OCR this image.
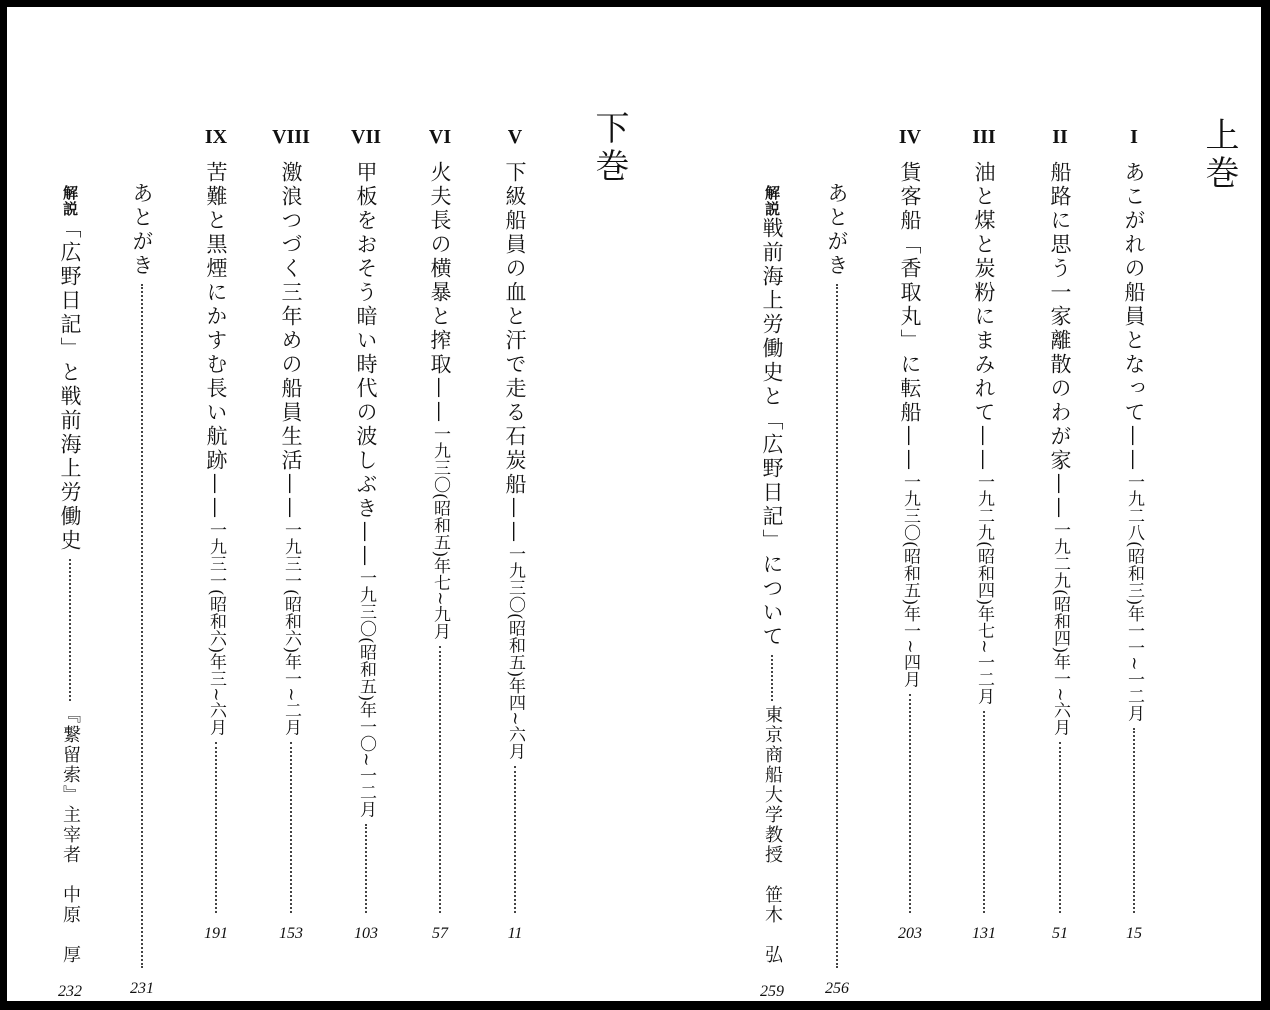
上巻
I
あこがれの船員となって——
一九二八(昭和三)年一一~一二月
15
II
船路に思う一家離散のわが家——
一九二九(昭和四)年一~六月
51
III
油と煤と炭粉にまみれて——
一九二九(昭和四)年七~一二月
131
IV
貨客船「香取丸」に転船——
一九三〇(昭和五)年一~四月
203
あとがき
256
解説
戦前海上労働史と「広野日記」について
東京商船大学教授　笹木　弘
259
下巻
V
下級船員の血と汗で走る石炭船——
一九三〇(昭和五)年四~六月
11
VI
火夫長の横暴と搾取——
一九三〇(昭和五)年七~九月
57
VII
甲板をおそう暗い時代の波しぶき——
一九三〇(昭和五)年一〇~一二月
103
VIII
激浪つづく三年めの船員生活——
一九三一(昭和六)年一~二月
153
IX
苦難と黒煙にかすむ長い航跡——
一九三一(昭和六)年三~六月
191
あとがき
231
解説
「広野日記」と戦前海上労働史
『繋留索』主宰者　中原　厚
232
